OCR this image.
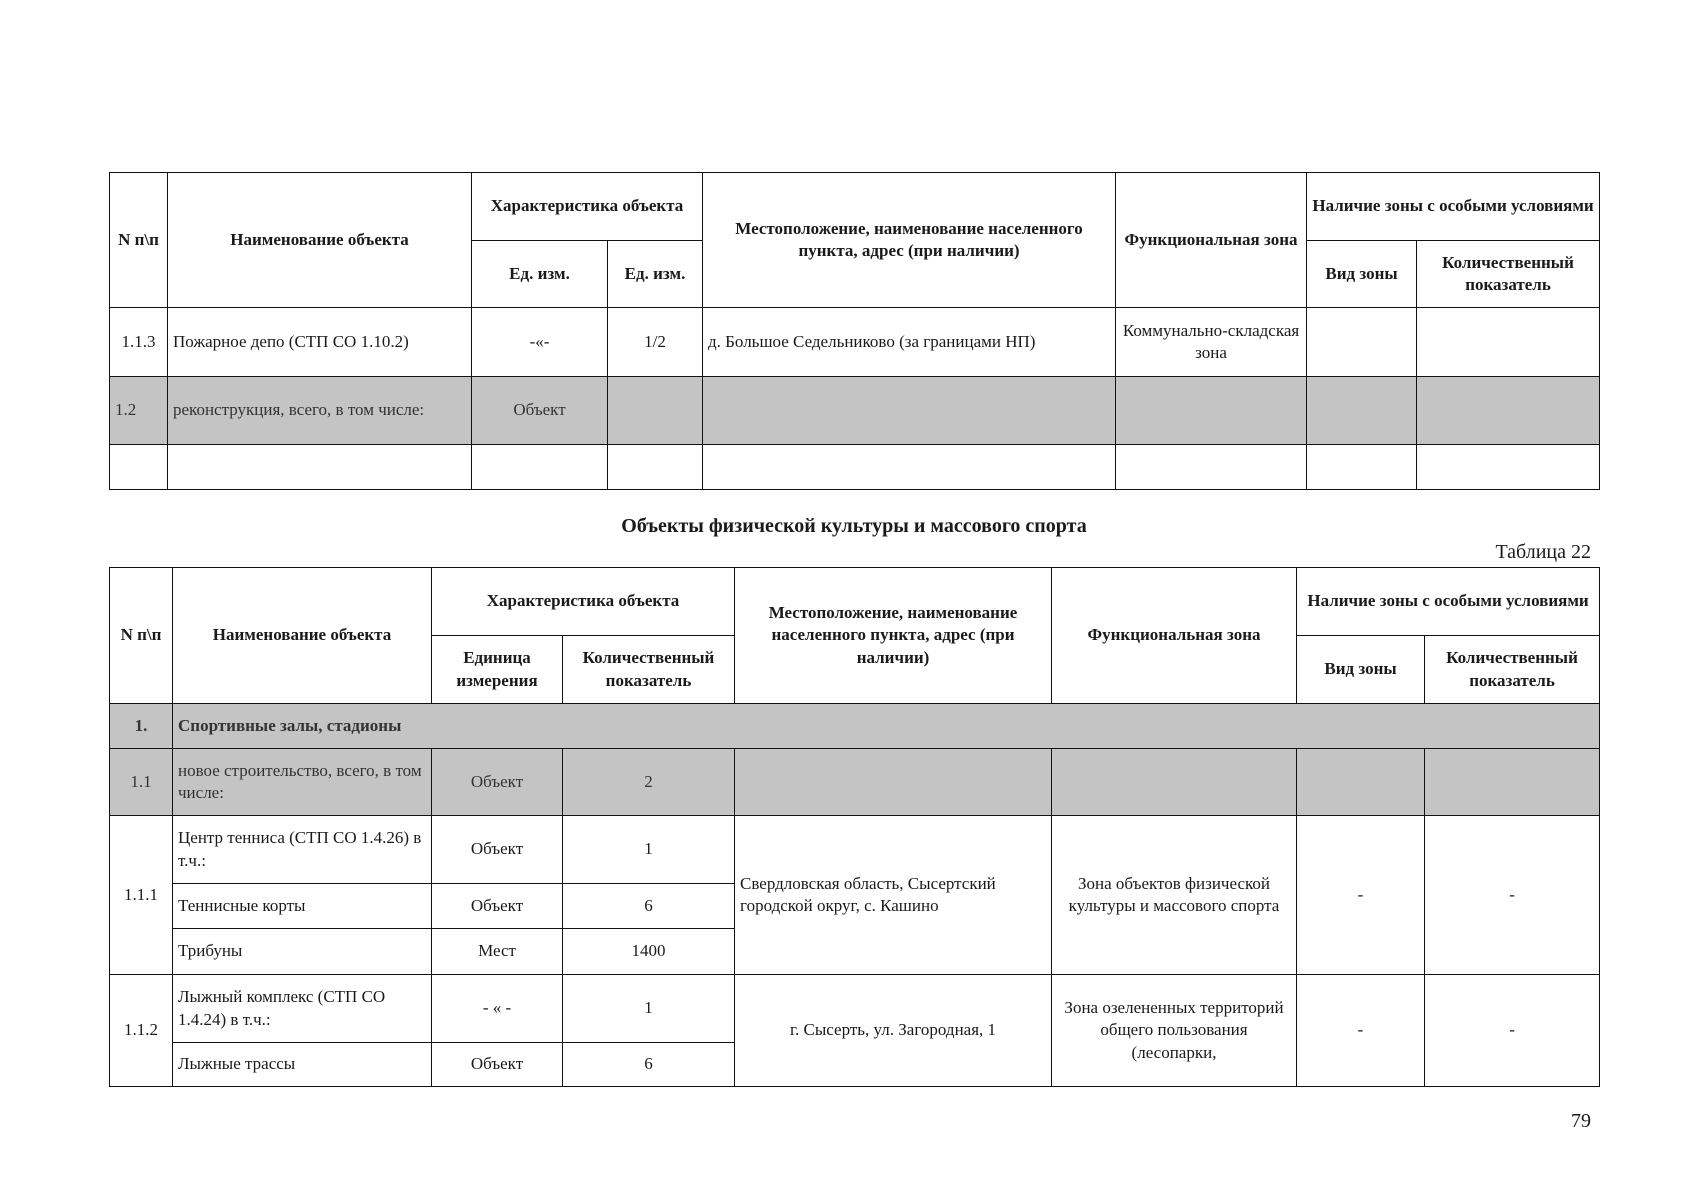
N п\п	Наименование объекта	Характеристика объекта		Местоположение, наименование населенного пункта, адрес (при наличии)	Функциональная зона	Наличие зоны с особыми условиями	
		Ед. изм.	Ед. изм.			Вид зоны	Количественный показатель
1.1.3	Пожарное депо (СТП СО 1.10.2)	-«-	1/2	д. Большое Седельниково (за границами НП)	Коммунально-складская зона		
1.2	реконструкция, всего, в том числе:	Объект					

Объекты физической культуры и массового спорта
Таблица 22
N п\п	Наименование объекта	Характеристика объекта		Местоположение, наименование населенного пункта, адрес (при наличии)	Функциональная зона	Наличие зоны с особыми условиями	
		Единица измерения	Количественный показатель			Вид зоны	Количественный показатель
1.	Спортивные залы, стадионы						
1.1	новое строительство, всего, в том числе:	Объект	2				
1.1.1	Центр тенниса (СТП СО 1.4.26) в т.ч.:	Объект	1	Свердловская область, Сысертский городской округ, с. Кашино	Зона объектов физической культуры и массового спорта	-	-
	Теннисные корты	Объект	6				
	Трибуны	Мест	1400				
1.1.2	Лыжный комплекс (СТП СО 1.4.24) в т.ч.:	- « -	1	г. Сысерть, ул. Загородная, 1	Зона озелененных территорий общего пользования (лесопарки,	-	-
	Лыжные трассы	Объект	6				
79
